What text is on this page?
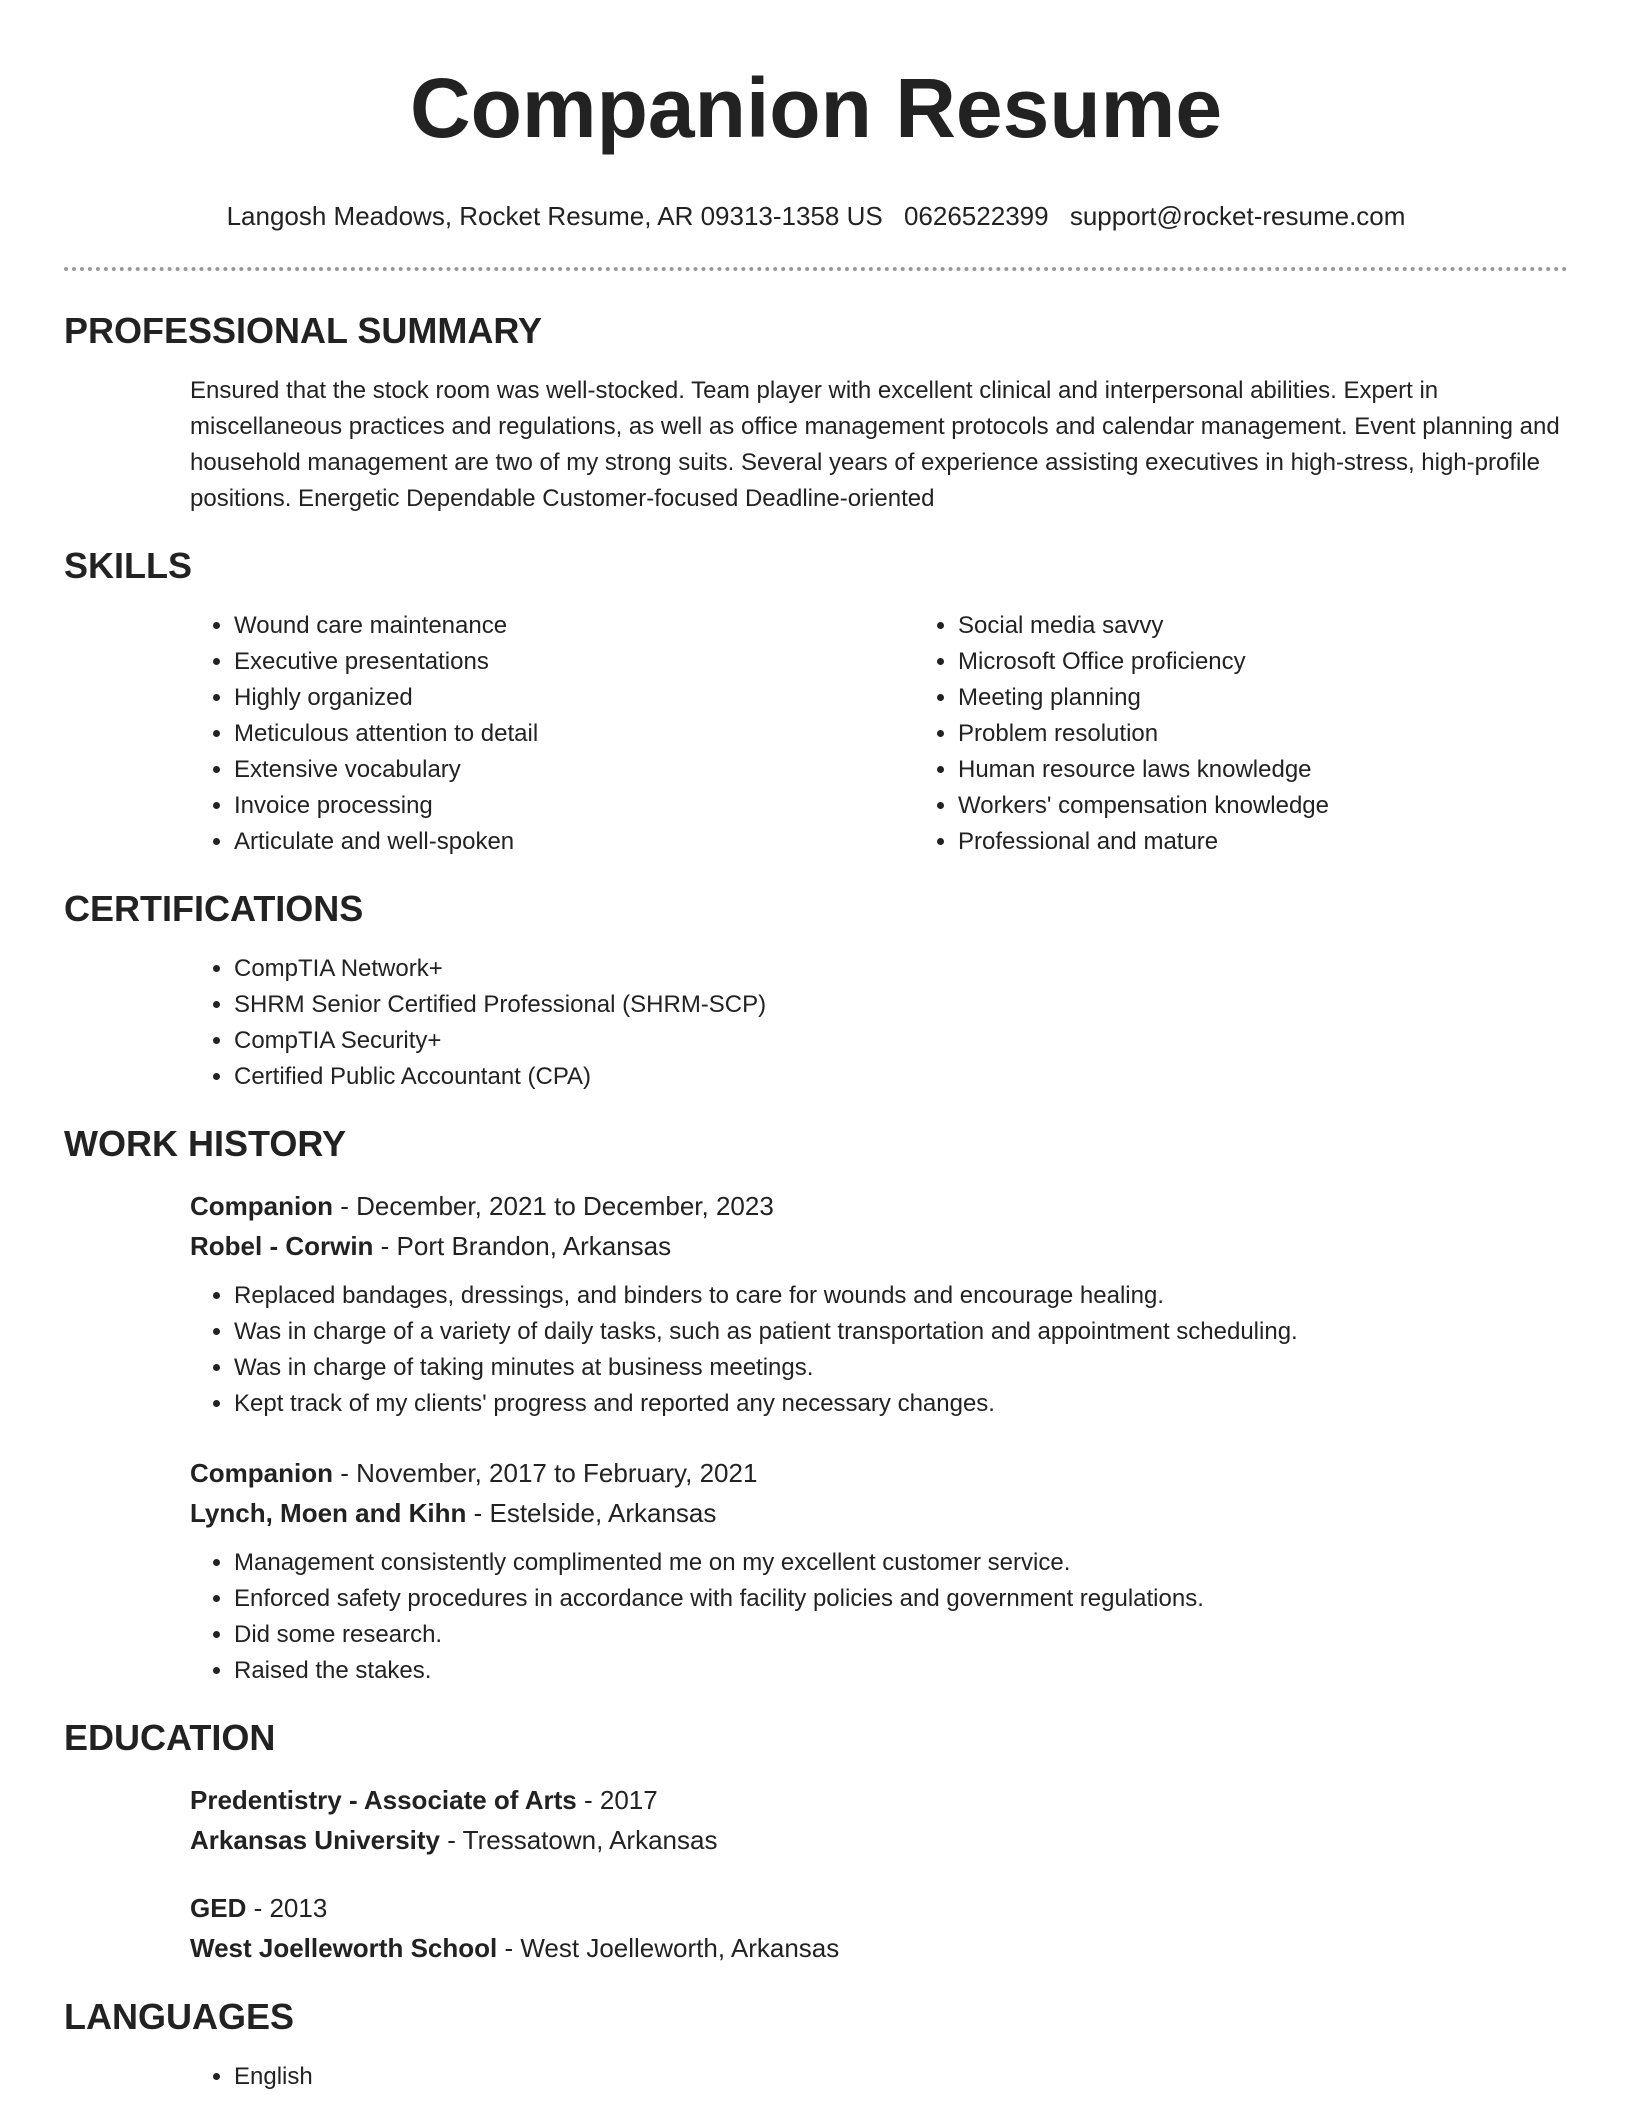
Companion Resume
Langosh Meadows, Rocket Resume, AR 09313-1358 US 0626522399 support@rocket-resume.com
PROFESSIONAL SUMMARY
Ensured that the stock room was well-stocked. Team player with excellent clinical and interpersonal abilities. Expert in miscellaneous practices and regulations, as well as office management protocols and calendar management. Event planning and household management are two of my strong suits. Several years of experience assisting executives in high-stress, high-profile positions. Energetic Dependable Customer-focused Deadline-oriented
SKILLS
• Wound care maintenance
• Executive presentations
• Highly organized
• Meticulous attention to detail
• Extensive vocabulary
• Invoice processing
• Articulate and well-spoken
• Social media savvy
• Microsoft Office proficiency
• Meeting planning
• Problem resolution
• Human resource laws knowledge
• Workers' compensation knowledge
• Professional and mature
CERTIFICATIONS
• CompTIA Network+
• SHRM Senior Certified Professional (SHRM-SCP)
• CompTIA Security+
• Certified Public Accountant (CPA)
WORK HISTORY
Companion - December, 2021 to December, 2023
Robel - Corwin - Port Brandon, Arkansas
• Replaced bandages, dressings, and binders to care for wounds and encourage healing.
• Was in charge of a variety of daily tasks, such as patient transportation and appointment scheduling.
• Was in charge of taking minutes at business meetings.
• Kept track of my clients' progress and reported any necessary changes.
Companion - November, 2017 to February, 2021
Lynch, Moen and Kihn - Estelside, Arkansas
• Management consistently complimented me on my excellent customer service.
• Enforced safety procedures in accordance with facility policies and government regulations.
• Did some research.
• Raised the stakes.
EDUCATION
Predentistry - Associate of Arts - 2017
Arkansas University - Tressatown, Arkansas
GED - 2013
West Joelleworth School - West Joelleworth, Arkansas
LANGUAGES
• English
